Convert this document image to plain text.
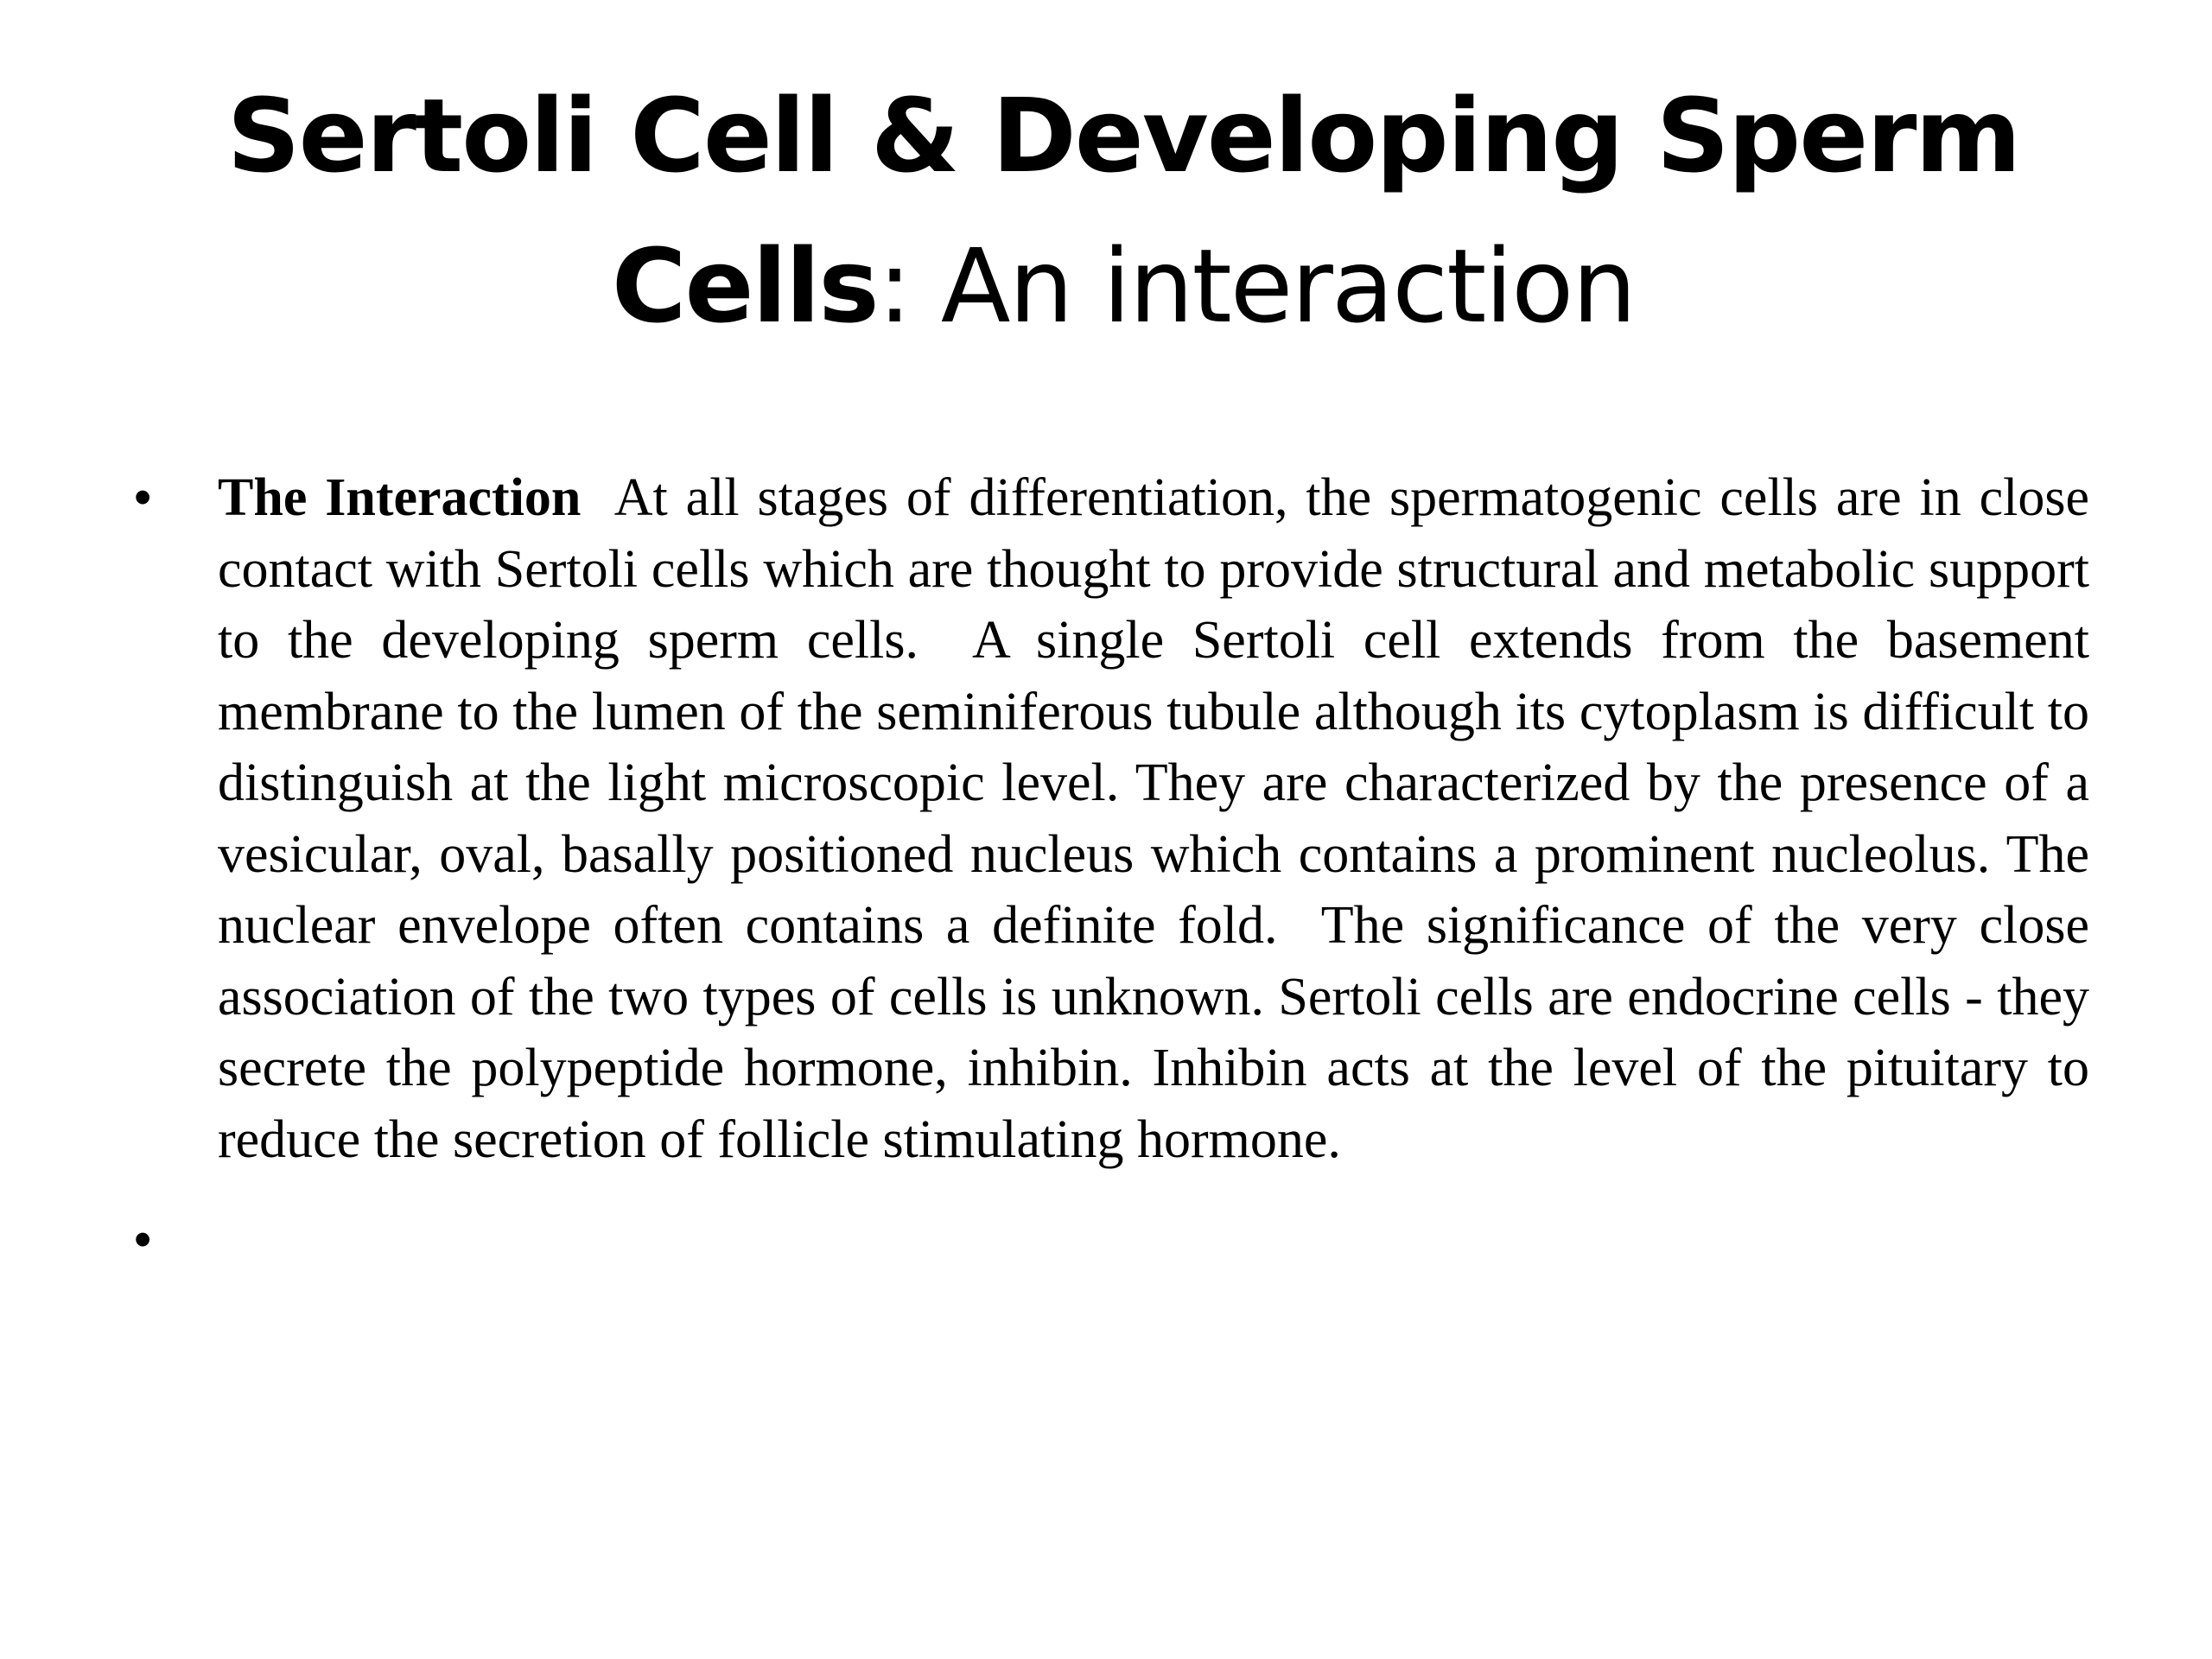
Sertoli Cell & Developing Sperm Cells: An interaction
• The Interaction  At all stages of differentiation, the spermatogenic cells are in close contact with Sertoli cells which are thought to provide structural and metabolic support to the developing sperm cells.  A single Sertoli cell extends from the basement membrane to the lumen of the seminiferous tubule although its cytoplasm is difficult to distinguish at the light microscopic level. They are characterized by the presence of a vesicular, oval, basally positioned nucleus which contains a prominent nucleolus. The nuclear envelope often contains a definite fold.  The significance of the very close association of the two types of cells is unknown. Sertoli cells are endocrine cells - they secrete the polypeptide hormone, inhibin. Inhibin acts at the level of the pituitary to reduce the secretion of follicle stimulating hormone.

•
